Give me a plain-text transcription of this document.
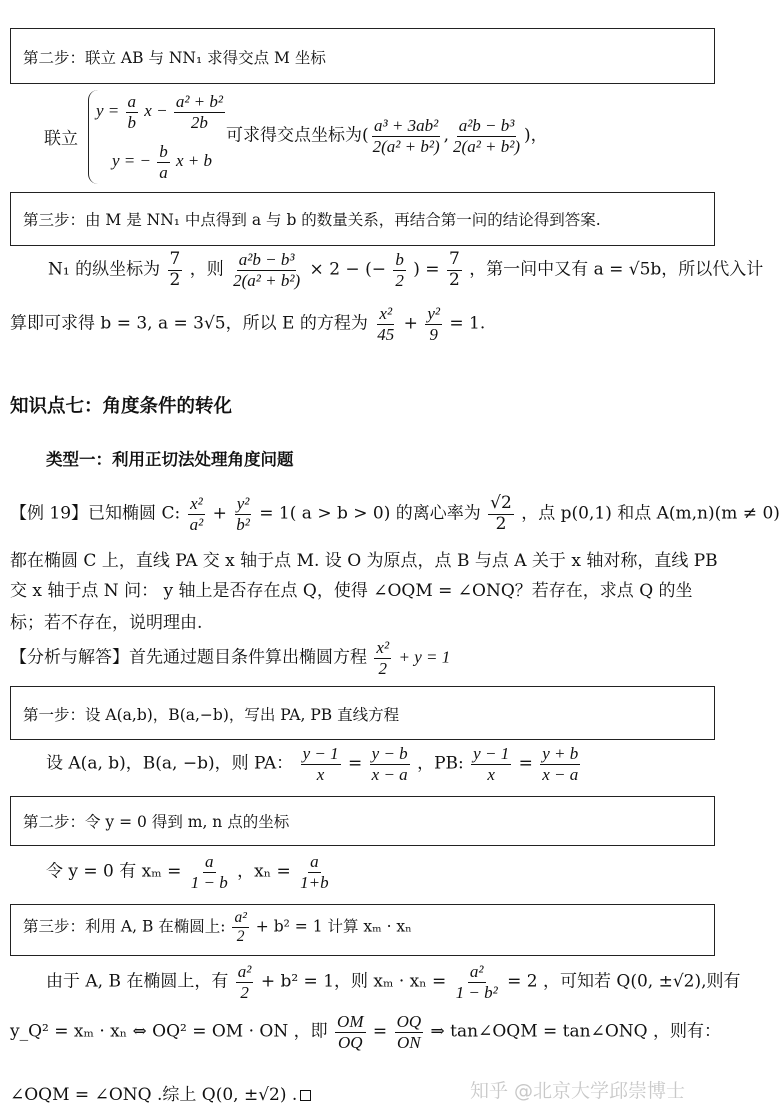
第二步：联立 AB 与 NN₁ 求得交点 M 坐标
联立
$y = \frac{a}{b}$ $x - \frac{\text{a² + b²}}{2b}$
y = − $\frac{b}{a}$ x + b
可求得交点坐标为( $\frac{\text{a³ + 3ab²}}{\text{2(a² + b²)}}$ , $\frac{\text{a²b − b³}}{\text{2(a² + b²)}}$ )，
第三步：由 M 是 NN₁ 中点得到 a 与 b 的数量关系，再结合第一问的结论得到答案.
N₁ 的纵坐标为 $\frac{7}{2}$ ，则 $\frac{\text{a²b − b³}}{\text{2(a² + b²)}} \times 2$ − (− $\frac{b}{2}$ ) = $\frac{7}{2}$ ，第一问中又有 a = √5b，所以代入计
算即可求得 b = 3, a = 3√5，所以 E 的方程为 $\frac{\text{x²}}{45} + \frac{\text{y²}}{9} = 1$.
知识点七：角度条件的转化
类型一：利用正切法处理角度问题
【例 19】已知椭圆 C: $\frac{\text{x²}}{\text{a²}} + \frac{\text{y²}}{\text{b²}} = 1$( a > b > 0) 的离心率为 $\frac{√2}{2}$ ，点 p(0,1) 和点 A(m,n)(m ≠ 0)
都在椭圆 C 上，直线 PA 交 x 轴于点 M. 设 O 为原点，点 B 与点 A 关于 x 轴对称，直线 PB
交 x 轴于点 N 问： y 轴上是否存在点 Q，使得 ∠OQM = ∠ONQ？若存在，求点 Q 的坐
标；若不存在，说明理由.
【分析与解答】首先通过题目条件算出椭圆方程 $\frac{\text{x²}}{2} + y = 1$
第一步：设 A(a,b)，B(a,−b)，写出 PA, PB 直线方程
设 A(a, b)，B(a, −b)，则 PA： $\frac{y - 1}{x} = \frac{y - b}{x - a}$ ，PB: $\frac{y - 1}{x} = \frac{y + b}{x - a}$
第二步：令 y = 0 得到 m, n 点的坐标
令 y = 0 有 $x_m = \frac{a}{1 - b}$ ，$x_n = \frac{a}{1+b}$
第三步：利用 A, B 在椭圆上: $\frac{\text{a²}}{2} + b^2 = 1$ 计算 xₘ · xₙ
由于 A, B 在椭圆上，有 $\frac{\text{a²}}{2} + b^2 = 1$，则 $x_m \cdot x_n = \frac{\text{a²}}{\text{1 − b²}} = 2$ ，可知若 Q(0, ±√2),则有
y_Q² = xₘ · xₙ ⇔ OQ² = OM · ON ，即 $\frac{OM}{OQ} = \frac{OQ}{ON}$ ⇒ tan∠OQM = tan∠ONQ ，则有：
∠OQM = ∠ONQ .综上 Q(0, ±√2) .	知乎 @北京大学邱崇博士
